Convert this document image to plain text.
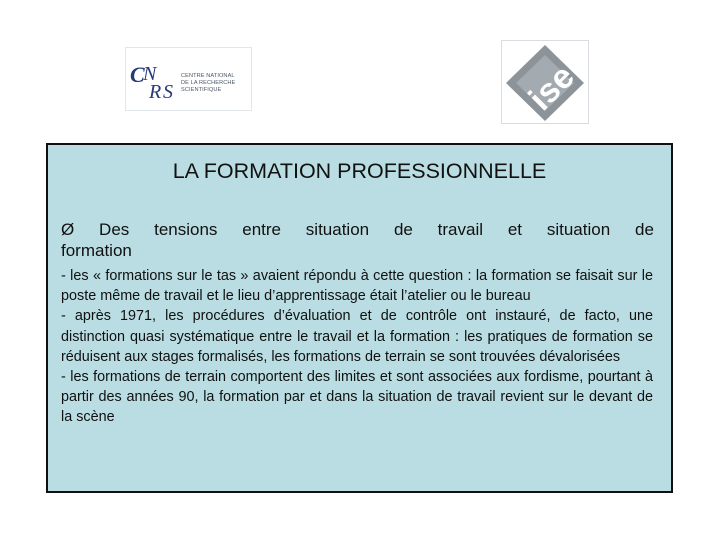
C
N
R S
CENTRE NATIONAL
DE LA RECHERCHE
SCIENTIFIQUE	ise
LA FORMATION PROFESSIONNELLE
Ø Des tensions entre situation de travail et situation de
formation

- les « formations sur le tas » avaient répondu à cette question : la formation se faisait sur le poste même de travail et le lieu d’apprentissage était l’atelier ou le bureau

- après 1971, les procédures d’évaluation et de contrôle ont instauré, de facto, une distinction quasi systématique entre le travail et la formation : les pratiques de formation se réduisent aux stages formalisés, les formations de terrain se sont trouvées dévalorisées

- les formations de terrain comportent des limites et sont associées aux fordisme, pourtant à partir des années 90, la formation par et dans la situation de travail revient sur le devant de la scène
